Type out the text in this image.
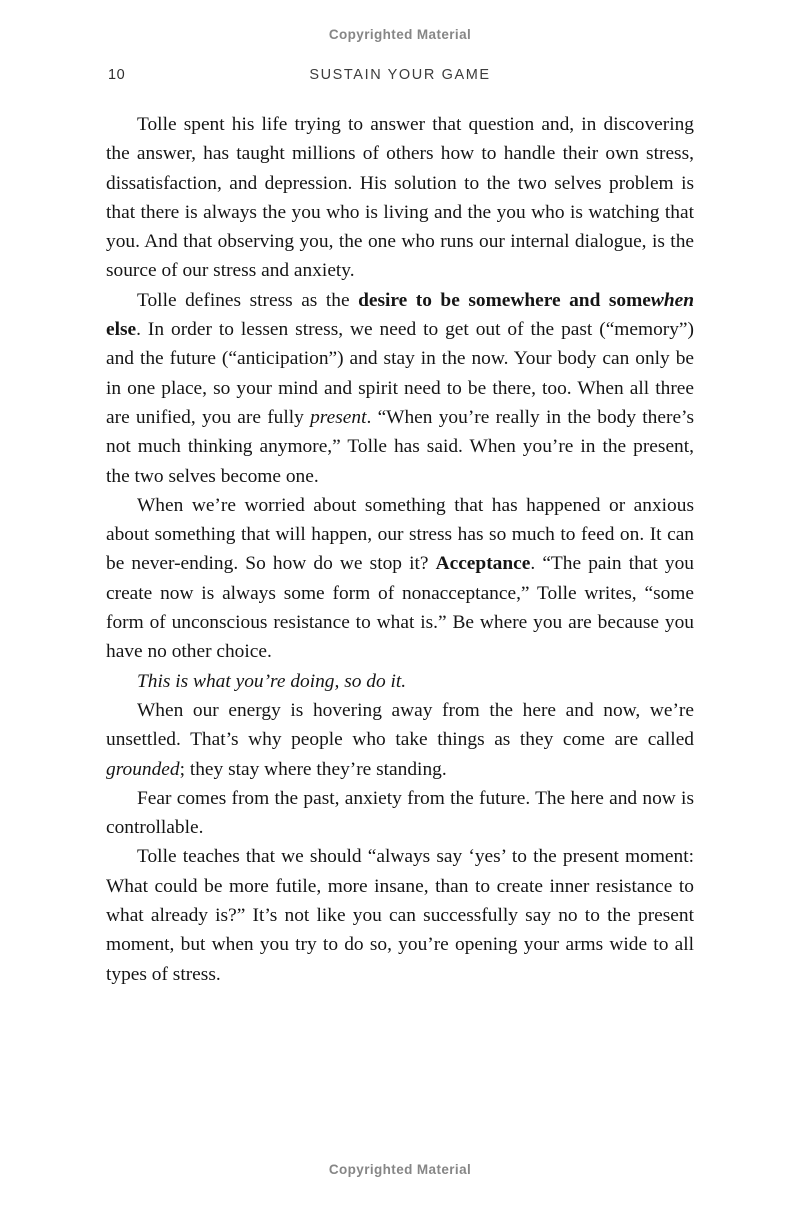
Copyrighted Material
10	SUSTAIN YOUR GAME

Tolle spent his life trying to answer that question and, in discovering the answer, has taught millions of others how to handle their own stress, dissatisfaction, and depression. His solution to the two selves problem is that there is always the you who is living and the you who is watching that you. And that observing you, the one who runs our internal dialogue, is the source of our stress and anxiety.

Tolle defines stress as the desire to be somewhere and somewhen else. In order to lessen stress, we need to get out of the past (“memory”) and the future (“anticipation”) and stay in the now. Your body can only be in one place, so your mind and spirit need to be there, too. When all three are unified, you are fully present. “When you’re really in the body there’s not much thinking anymore,” Tolle has said. When you’re in the present, the two selves become one.

When we’re worried about something that has happened or anxious about something that will happen, our stress has so much to feed on. It can be never-ending. So how do we stop it? Acceptance. “The pain that you create now is always some form of nonacceptance,” Tolle writes, “some form of unconscious resistance to what is.” Be where you are because you have no other choice.

This is what you’re doing, so do it.

When our energy is hovering away from the here and now, we’re unsettled. That’s why people who take things as they come are called grounded; they stay where they’re standing.

Fear comes from the past, anxiety from the future. The here and now is controllable.

Tolle teaches that we should “always say ‘yes’ to the present moment: What could be more futile, more insane, than to create inner resistance to what already is?” It’s not like you can successfully say no to the present moment, but when you try to do so, you’re opening your arms wide to all types of stress.

Copyrighted Material
